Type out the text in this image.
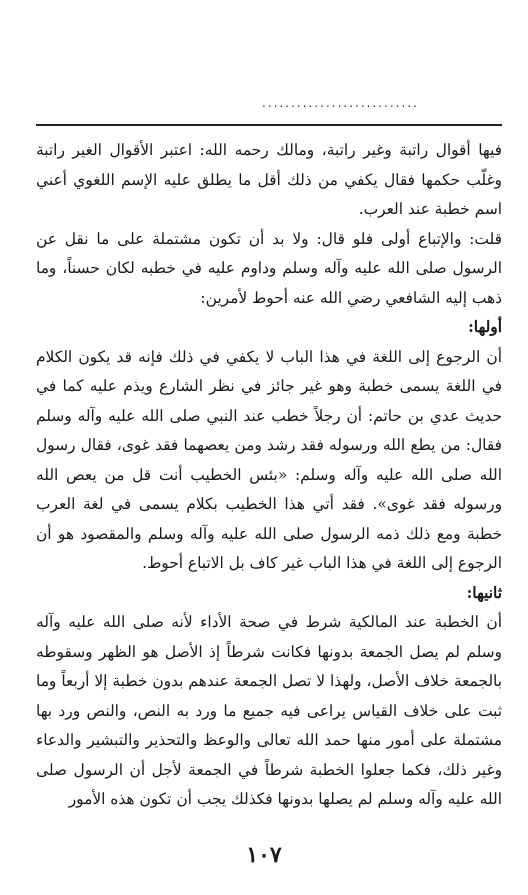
...........................

فيها أقوال راتبة وغير راتبة، ومالك رحمه الله: اعتبر الأقوال الغير راتبة وغلّب حكمها فقال يكفي من ذلك أقل ما يطلق عليه الإسم اللغوي أعني اسم خطبة عند العرب.

قلت: والإتباع أولى فلو قال: ولا بد أن تكون مشتملة على ما نقل عن الرسول صلى الله عليه وآله وسلم وداوم عليه في خطبه لكان حسناً، وما ذهب إليه الشافعي رضي الله عنه أحوط لأمرين:

أولها:

أن الرجوع إلى اللغة في هذا الباب لا يكفي في ذلك فإنه قد يكون الكلام في اللغة يسمى خطبة وهو غير جائز في نظر الشارع ويذم عليه كما في حديث عدي بن حاتم: أن رجلاً خطب عند النبي صلى الله عليه وآله وسلم فقال: من يطع الله ورسوله فقد رشد ومن يعصهما فقد غوى، فقال رسول الله صلى الله عليه وآله وسلم: «بئس الخطيب أنت قل من يعص الله ورسوله فقد غوى». فقد أتي هذا الخطيب بكلام يسمى في لغة العرب خطبة ومع ذلك ذمه الرسول صلى الله عليه وآله وسلم والمقصود هو أن الرجوع إلى اللغة في هذا الباب غير كاف بل الاتباع أحوط.

ثانيها:

أن الخطبة عند المالكية شرط في صحة الأداء لأنه صلى الله عليه وآله وسلم لم يصل الجمعة بدونها فكانت شرطاً إذ الأصل هو الظهر وسقوطه بالجمعة خلاف الأصل، ولهذا لا تصل الجمعة عندهم بدون خطبة إلا أربعاً وما ثبت على خلاف القياس يراعى فيه جميع ما ورد به النص، والنص ورد بها مشتملة على أمور منها حمد الله تعالى والوعظ والتحذير والتبشير والدعاء وغير ذلك، فكما جعلوا الخطبة شرطاً في الجمعة لأجل أن الرسول صلى الله عليه وآله وسلم لم يصلها بدونها فكذلك يجب أن تكون هذه الأمور

١٠٧
